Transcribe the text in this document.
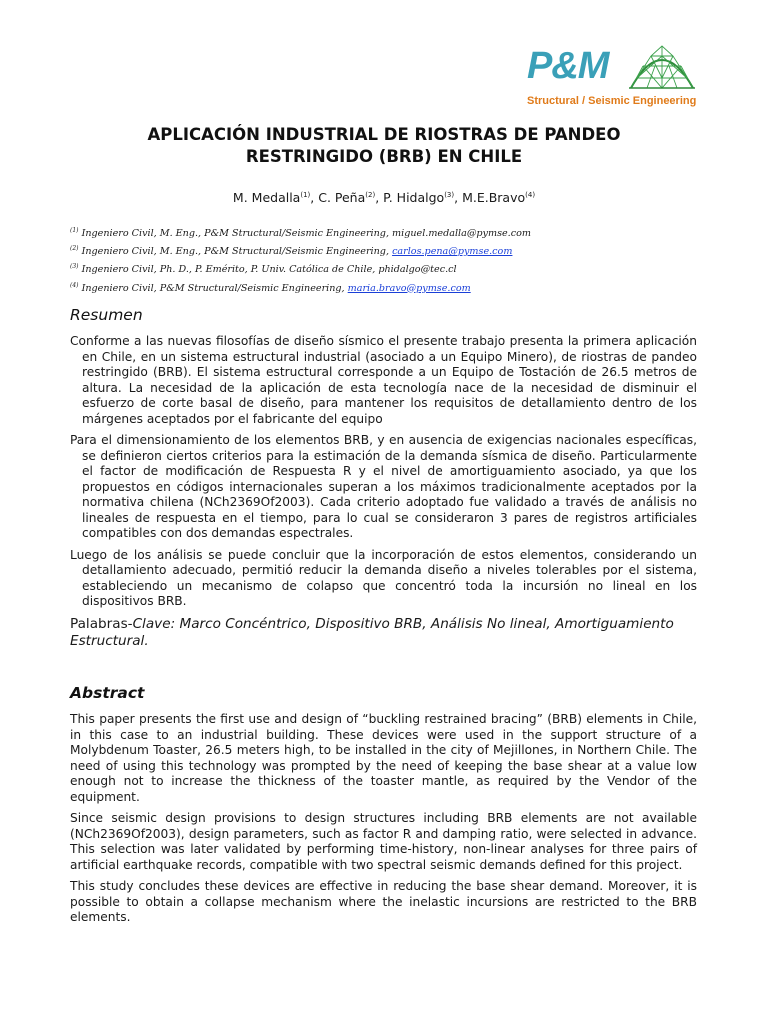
P&M
Structural / Seismic Engineering
APLICACIÓN INDUSTRIAL DE RIOSTRAS DE PANDEO
RESTRINGIDO (BRB) EN CHILE
M. Medalla$^{(1)}$, C. Peña$^{(2)}$, P. Hidalgo$^{(3)}$, M.E.Bravo$^{(4)}$
$^{(1)}$ Ingeniero Civil, M. Eng., P&M Structural/Seismic Engineering, miguel.medalla@pymse.com
$^{(2)}$ Ingeniero Civil, M. Eng., P&M Structural/Seismic Engineering, carlos.pena@pymse.com
$^{(3)}$ Ingeniero Civil, Ph. D., P. Emérito, P. Univ. Católica de Chile, phidalgo@tec.cl
$^{(4)}$ Ingeniero Civil, P&M Structural/Seismic Engineering, maria.bravo@pymse.com
Resumen

Conforme a las nuevas filosofías de diseño sísmico el presente trabajo presenta la primera aplicación en Chile, en un sistema estructural industrial (asociado a un Equipo Minero), de riostras de pandeo restringido (BRB). El sistema estructural corresponde a un Equipo de Tostación de 26.5 metros de altura. La necesidad de la aplicación de esta tecnología nace de la necesidad de disminuir el esfuerzo de corte basal de diseño, para mantener los requisitos de detallamiento dentro de los márgenes aceptados por el fabricante del equipo

Para el dimensionamiento de los elementos BRB, y en ausencia de exigencias nacionales específicas, se definieron ciertos criterios para la estimación de la demanda sísmica de diseño. Particularmente el factor de modificación de Respuesta R y el nivel de amortiguamiento asociado, ya que los propuestos en códigos internacionales superan a los máximos tradicionalmente aceptados por la normativa chilena (NCh2369Of2003). Cada criterio adoptado fue validado a través de análisis no lineales de respuesta en el tiempo, para lo cual se consideraron 3 pares de registros artificiales compatibles con dos demandas espectrales.

Luego de los análisis se puede concluir que la incorporación de estos elementos, considerando un detallamiento adecuado, permitió reducir la demanda diseño a niveles tolerables por el sistema, estableciendo un mecanismo de colapso que concentró toda la incursión no lineal en los dispositivos BRB.

Palabras-Clave: Marco Concéntrico, Dispositivo BRB, Análisis No lineal, Amortiguamiento Estructural.

Abstract

This paper presents the first use and design of “buckling restrained bracing” (BRB) elements in Chile, in this case to an industrial building. These devices were used in the support structure of a Molybdenum Toaster, 26.5 meters high, to be installed in the city of Mejillones, in Northern Chile. The need of using this technology was prompted by the need of keeping the base shear at a value low enough not to increase the thickness of the toaster mantle, as required by the Vendor of the equipment.

Since seismic design provisions to design structures including BRB elements are not available (NCh2369Of2003), design parameters, such as factor R and damping ratio, were selected in advance. This selection was later validated by performing time-history, non-linear analyses for three pairs of artificial earthquake records, compatible with two spectral seismic demands defined for this project.

This study concludes these devices are effective in reducing the base shear demand. Moreover, it is possible to obtain a collapse mechanism where the inelastic incursions are restricted to the BRB elements.
